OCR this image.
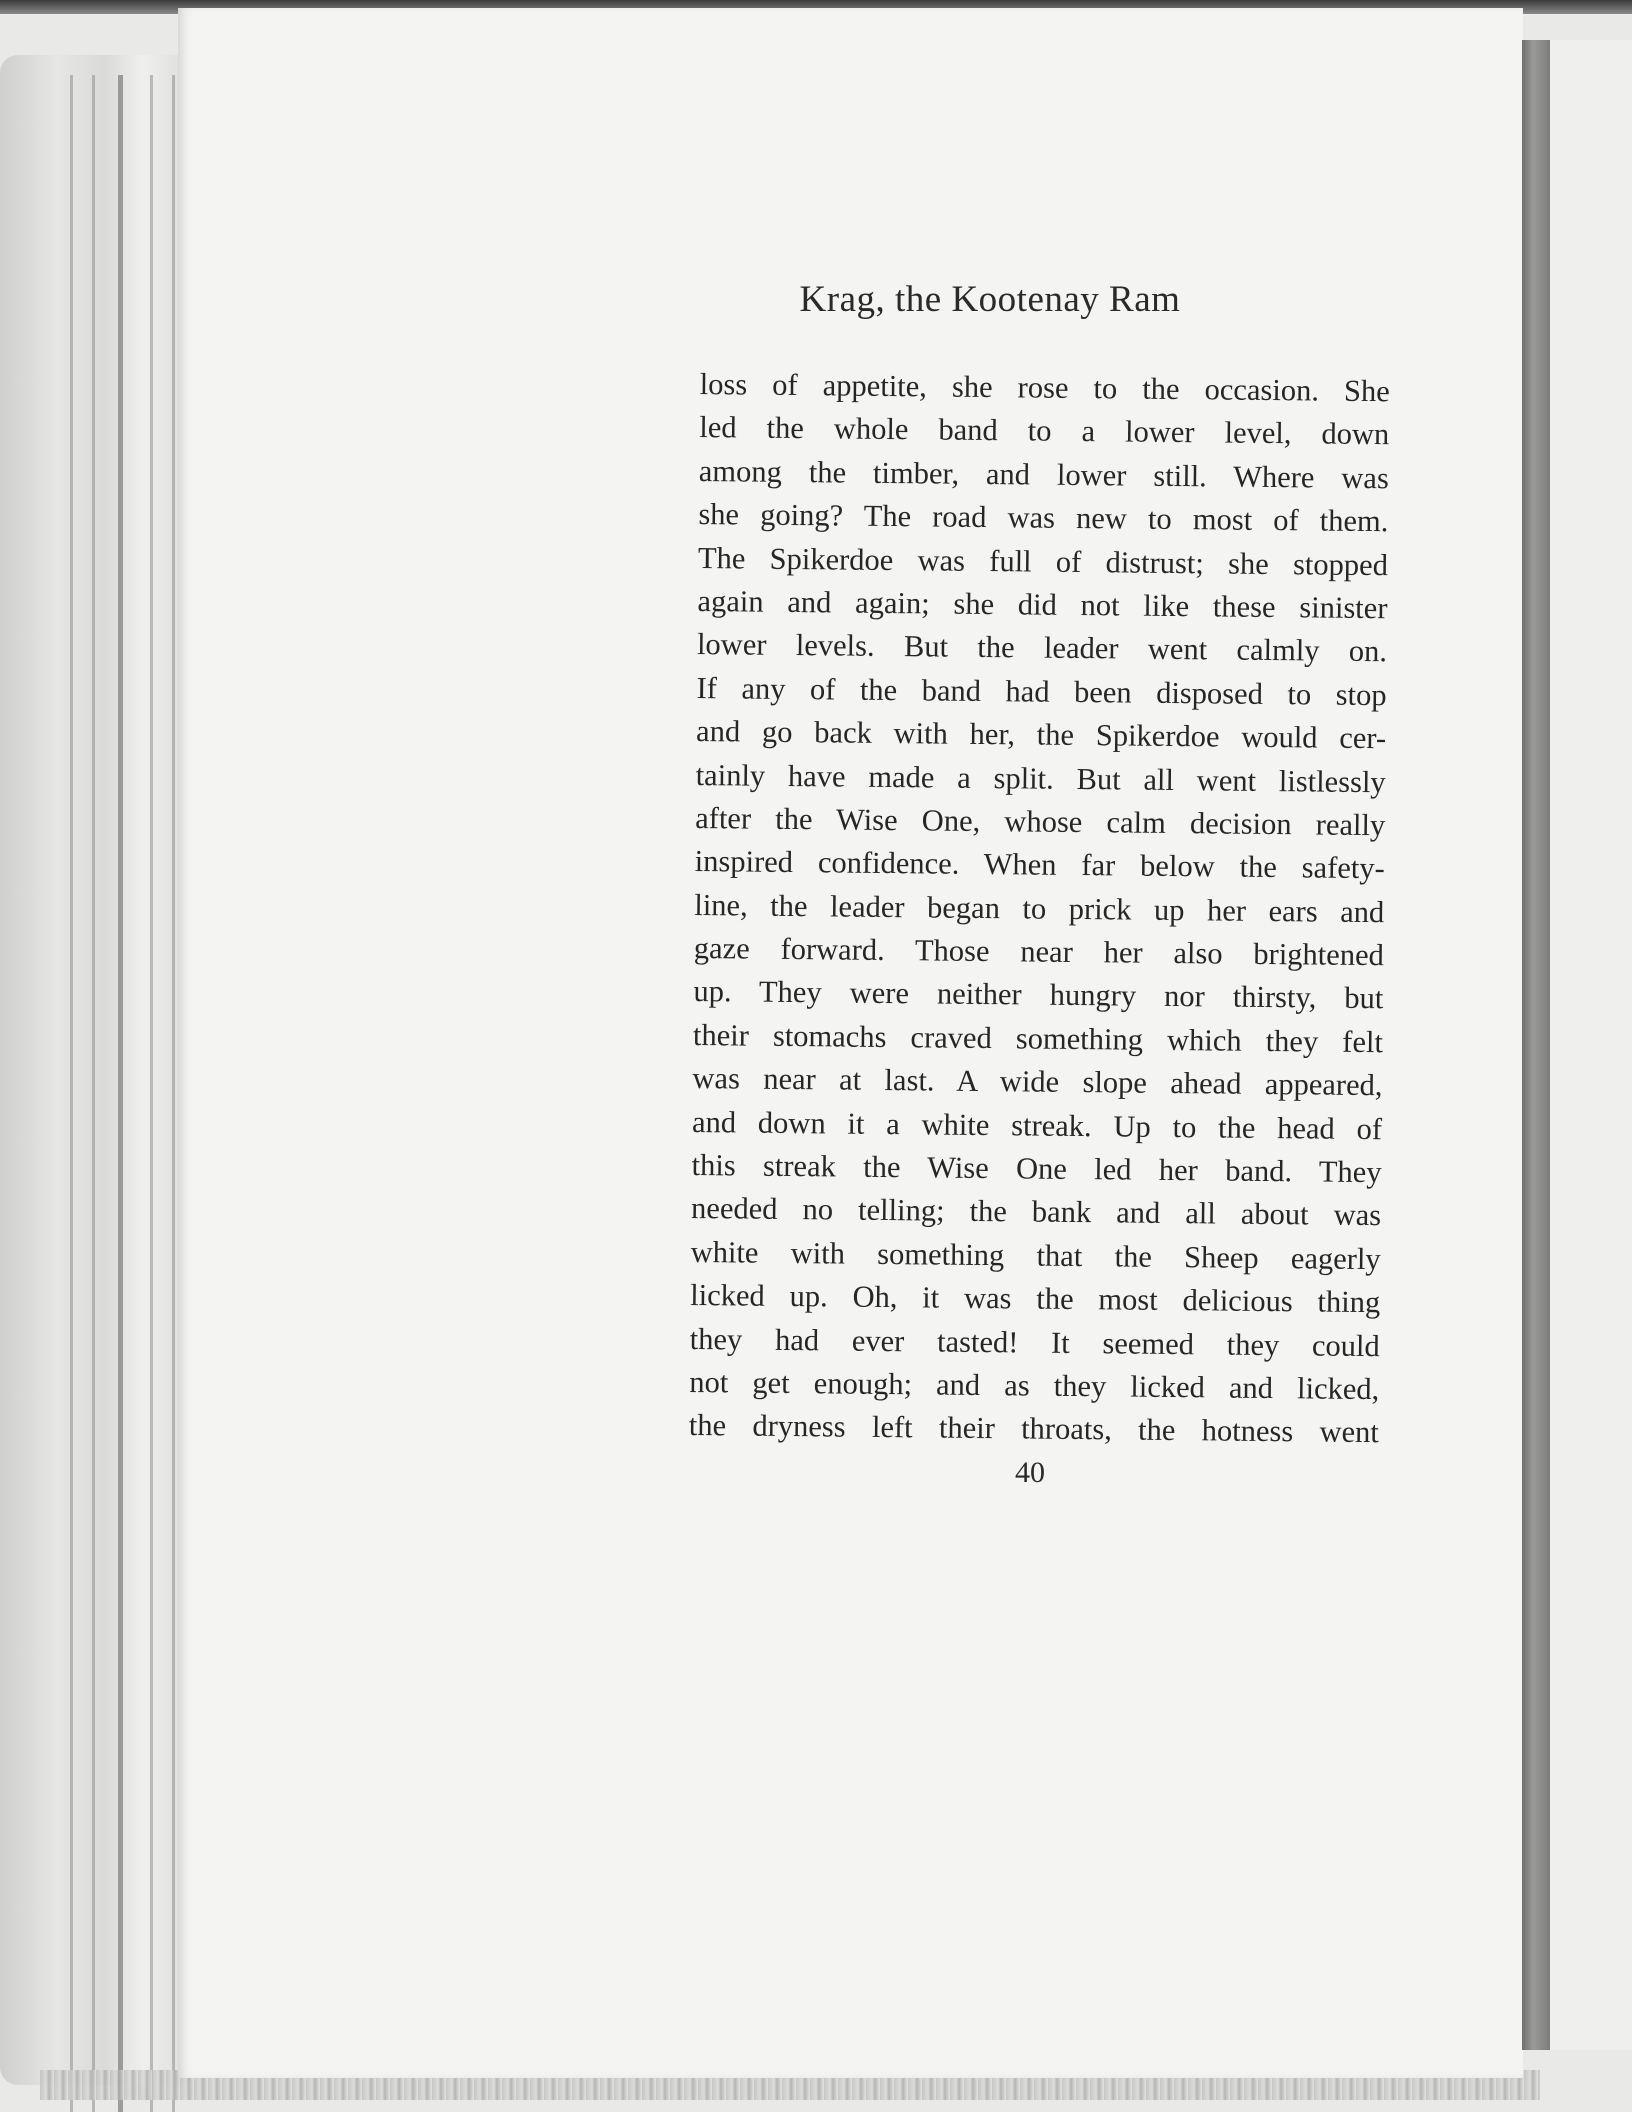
Krag, the Kootenay Ram
loss of appetite, she rose to the occasion. She
led the whole band to a lower level, down
among the timber, and lower still. Where was
she going? The road was new to most of them.
The Spikerdoe was full of distrust; she stopped
again and again; she did not like these sinister
lower levels. But the leader went calmly on.
If any of the band had been disposed to stop
and go back with her, the Spikerdoe would cer-
tainly have made a split. But all went listlessly
after the Wise One, whose calm decision really
inspired confidence. When far below the safety-
line, the leader began to prick up her ears and
gaze forward. Those near her also brightened
up. They were neither hungry nor thirsty, but
their stomachs craved something which they felt
was near at last. A wide slope ahead appeared,
and down it a white streak. Up to the head of
this streak the Wise One led her band. They
needed no telling; the bank and all about was
white with something that the Sheep eagerly
licked up. Oh, it was the most delicious thing
they had ever tasted! It seemed they could
not get enough; and as they licked and licked,
the dryness left their throats, the hotness went
40
